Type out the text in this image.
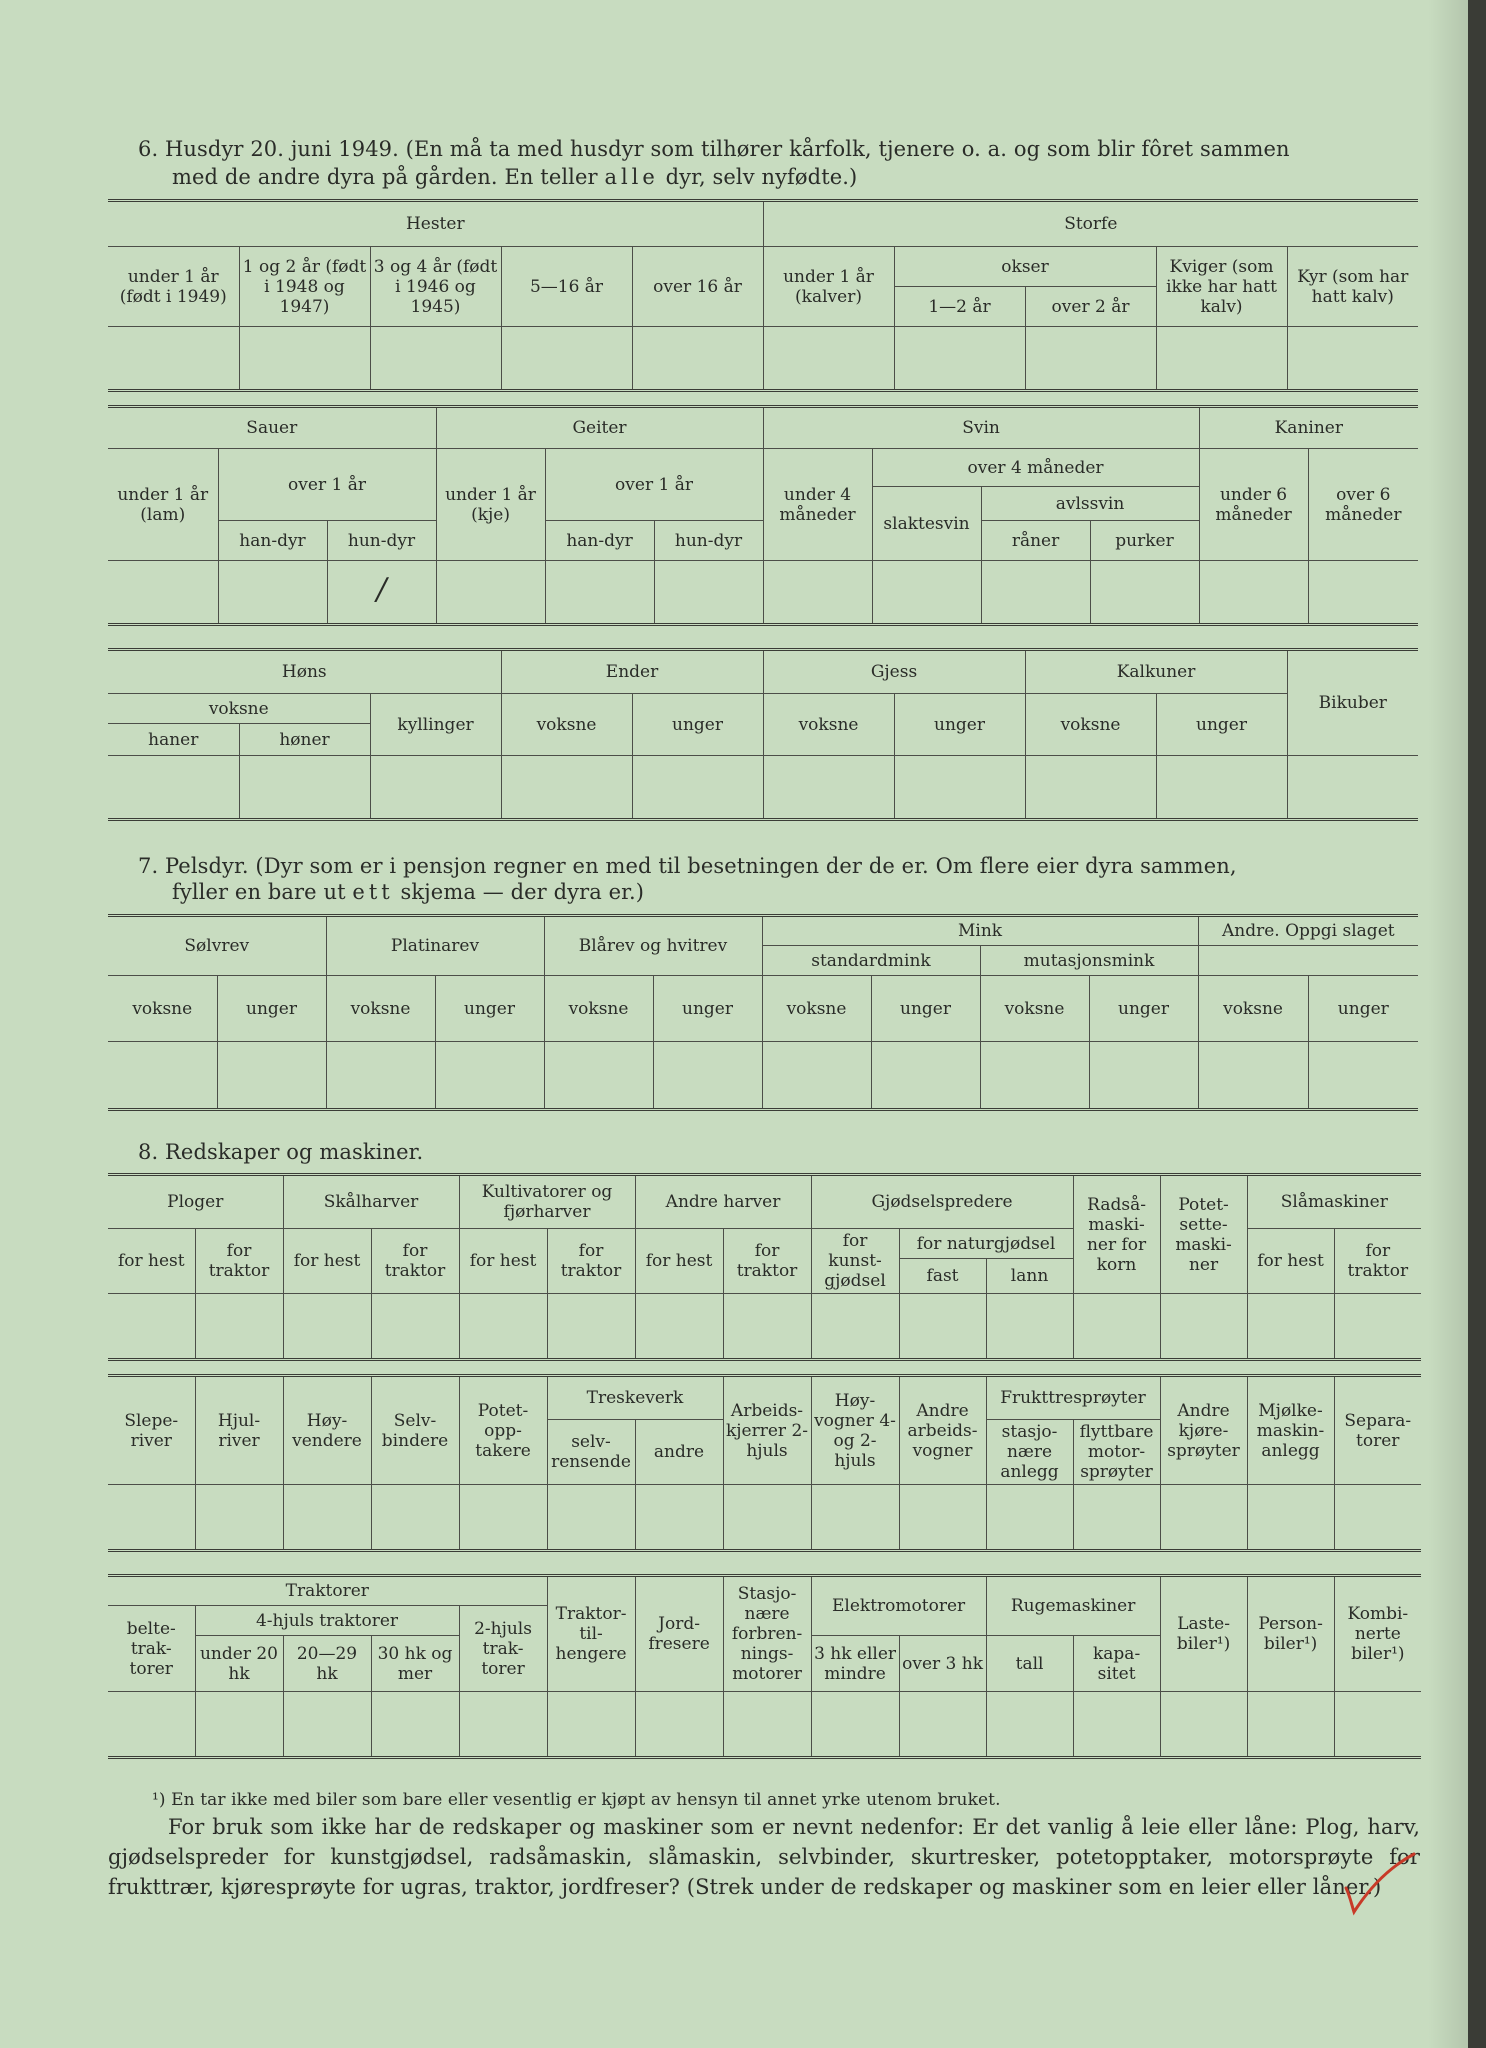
6. Husdyr 20. juni 1949. (En må ta med husdyr som tilhører kårfolk, tjenere o. a. og som blir fôret sammen

med de andre dyra på gården. En teller alle dyr, selv nyfødte.)

Hester					Storfe				
under 1 år (født i 1949)	1 og 2 år (født i 1948 og 1947)	3 og 4 år (født i 1946 og 1945)	5—16 år	over 16 år	under 1 år (kalver)	okser		Kviger (som ikke har hatt kalv)	Kyr (som har hatt kalv)
						1—2 år	over 2 år		

Sauer			Geiter			Svin				Kaniner	
under 1 år (lam)	over 1 år		under 1 år (kje)	over 1 år		under 4 måneder	over 4 måneder			under 6 måneder	over 6 måneder
							slaktesvin	avlssvin			
	han-dyr	hun-dyr		han-dyr	hun-dyr			råner	purker		
		/									
Høns			Ender		Gjess		Kalkuner		Bikuber
voksne		kyllinger	voksne	unger	voksne	unger	voksne	unger	
haner	høner								

7. Pelsdyr. (Dyr som er i pensjon regner en med til besetningen der de er. Om flere eier dyra sammen,

fyller en bare ut ett skjema — der dyra er.)

Sølvrev		Platinarev		Blårev og hvitrev		Mink				Andre. Oppgi slaget	
						standardmink		mutasjonsmink			
voksne	unger	voksne	unger	voksne	unger	voksne	unger	voksne	unger	voksne	unger

8. Redskaper og maskiner.

Ploger		Skålharver		Kultivatorer og fjørharver		Andre harver		Gjødselspredere			Radså-maski-ner for korn	Potet-sette-maski-ner	Slåmaskiner	
for hest	for traktor	for hest	for traktor	for hest	for traktor	for hest	for traktor	for kunst-gjødsel	for naturgjødsel				for hest	for traktor
									fast	lann				

Slepe-river	Hjul-river	Høy-vendere	Selv-bindere	Potet-opp-takere	Treskeverk		Arbeids-kjerrer 2-hjuls	Høy-vogner 4- og 2-hjuls	Andre arbeids-vogner	Frukttresprøyter		Andre kjøre-sprøyter	Mjølke-maskin-anlegg	Separa-torer
					selv-rensende	andre				stasjo-nære anlegg	flyttbare motor-sprøyter			

Traktorer					Traktor-til-hengere	Jord-fresere	Stasjo-nære forbren-nings-motorer	Elektromotorer		Rugemaskiner		Laste-biler¹)	Person-biler¹)	Kombi-nerte biler¹)
belte-trak-torer	4-hjuls traktorer			2-hjuls trak-torer										
	under 20 hk	20—29 hk	30 hk og mer					3 hk eller mindre	over 3 hk	tall	kapa-sitet			

¹) En tar ikke med biler som bare eller vesentlig er kjøpt av hensyn til annet yrke utenom bruket.

For bruk som ikke har de redskaper og maskiner som er nevnt nedenfor: Er det vanlig å leie eller låne: Plog, harv, gjødselspreder for kunstgjødsel, radsåmaskin, slåmaskin, selvbinder, skurtresker, potetopptaker, motorsprøyte for frukttrær, kjøresprøyte for ugras, traktor, jordfreser? (Strek under de redskaper og maskiner som en leier eller låner.)
